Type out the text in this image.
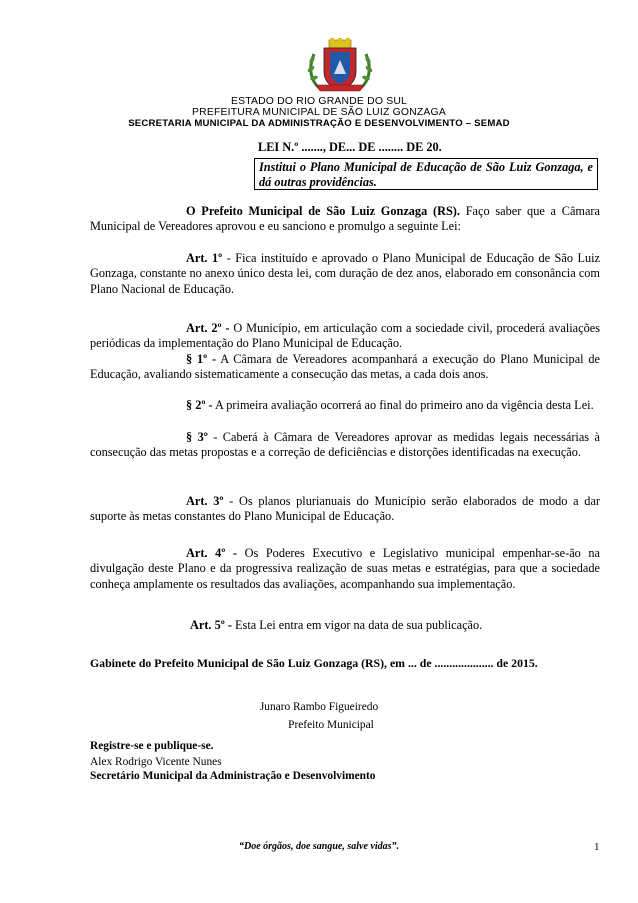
ESTADO DO RIO GRANDE DO SUL
PREFEITURA MUNICIPAL DE SÃO LUIZ GONZAGA
SECRETARIA MUNICIPAL DA ADMINISTRAÇÃO E DESENVOLVIMENTO – SEMAD
LEI N.º ......., DE... DE ........ DE 20.
Institui o Plano Municipal de Educação de São Luiz Gonzaga, e dá outras providências.
O Prefeito Municipal de São Luiz Gonzaga (RS). Faço saber que a Câmara Municipal de Vereadores aprovou e eu sanciono e promulgo a seguinte Lei:
Art. 1º - Fica instituído e aprovado o Plano Municipal de Educação de São Luiz Gonzaga, constante no anexo único desta lei, com duração de dez anos, elaborado em consonância com Plano Nacional de Educação.
Art. 2º - O Município, em articulação com a sociedade civil, procederá avaliações periódicas da implementação do Plano Municipal de Educação.
§ 1º - A Câmara de Vereadores acompanhará a execução do Plano Municipal de Educação, avaliando sistematicamente a consecução das metas, a cada dois anos.
§ 2º - A primeira avaliação ocorrerá ao final do primeiro ano da vigência desta Lei.
§ 3º - Caberá à Câmara de Vereadores aprovar as medidas legais necessárias à consecução das metas propostas e a correção de deficiências e distorções identificadas na execução.
Art. 3º - Os planos plurianuais do Município serão elaborados de modo a dar suporte às metas constantes do Plano Municipal de Educação.
Art. 4º - Os Poderes Executivo e Legislativo municipal empenhar-se-ão na divulgação deste Plano e da progressiva realização de suas metas e estratégias, para que a sociedade conheça amplamente os resultados das avaliações, acompanhando sua implementação.
Art. 5º - Esta Lei entra em vigor na data de sua publicação.
Gabinete do Prefeito Municipal de São Luiz Gonzaga (RS), em ... de .................... de 2015.
Junaro Rambo Figueiredo
Prefeito Municipal
Registre-se e publique-se.
Alex Rodrigo Vicente Nunes
Secretário Municipal da Administração e Desenvolvimento
“Doe órgãos, doe sangue, salve vidas”.	1
